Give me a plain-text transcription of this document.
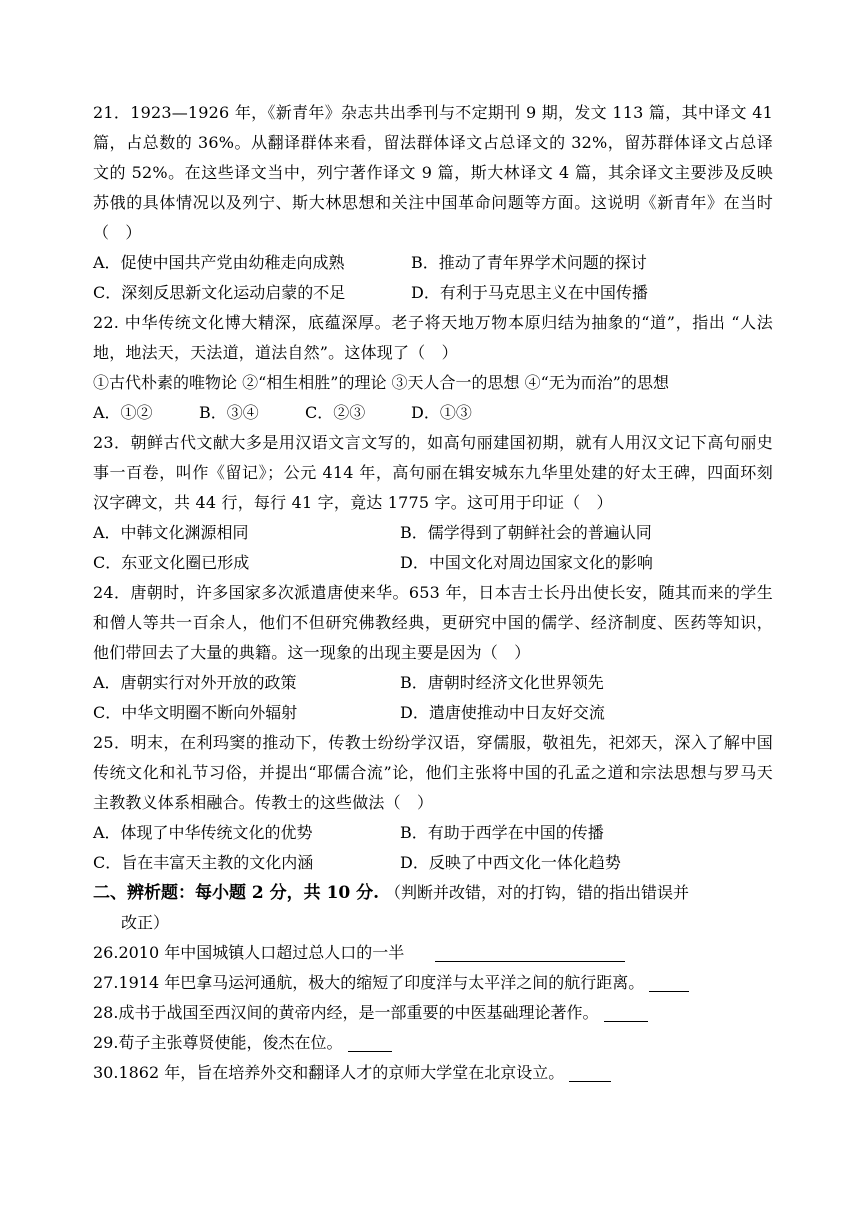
21．1923—1926 年，《新青年》杂志共出季刊与不定期刊 9 期，发文 113 篇，其中译文 41 篇，占总数的 36%。从翻译群体来看，留法群体译文占总译文的 32%，留苏群体译文占总译文的 52%。在这些译文当中，列宁著作译文 9 篇，斯大林译文 4 篇，其余译文主要涉及反映苏俄的具体情况以及列宁、斯大林思想和关注中国革命问题等方面。这说明《新青年》在当时（　）

A．促使中国共产党由幼稚走向成熟	B．推动了青年界学术问题的探讨
C．深刻反思新文化运动启蒙的不足	D．有利于马克思主义在中国传播

22. 中华传统文化博大精深，底蕴深厚。老子将天地万物本原归结为抽象的“道”，指出 “人法地，地法天，天法道，道法自然”。这体现了（　）

①古代朴素的唯物论 ②“相生相胜”的理论 ③天人合一的思想 ④“无为而治”的思想
A．①②	B．③④	C．②③	D．①③

23．朝鲜古代文献大多是用汉语文言文写的，如高句丽建国初期，就有人用汉文记下高句丽史事一百卷，叫作《留记》；公元 414 年，高句丽在辑安城东九华里处建的好太王碑，四面环刻汉字碑文，共 44 行，每行 41 字，竟达 1775 字。这可用于印证（　）

A．中韩文化渊源相同	B．儒学得到了朝鲜社会的普遍认同
C．东亚文化圈已形成	D．中国文化对周边国家文化的影响

24．唐朝时，许多国家多次派遣唐使来华。653 年，日本吉士长丹出使长安，随其而来的学生和僧人等共一百余人，他们不但研究佛教经典，更研究中国的儒学、经济制度、医药等知识，他们带回去了大量的典籍。这一现象的出现主要是因为（　）

A．唐朝实行对外开放的政策	B．唐朝时经济文化世界领先
C．中华文明圈不断向外辐射	D．遣唐使推动中日友好交流

25．明末，在利玛窦的推动下，传教士纷纷学汉语，穿儒服，敬祖先，祀郊天，深入了解中国传统文化和礼节习俗，并提出“耶儒合流”论，他们主张将中国的孔孟之道和宗法思想与罗马天主教教义体系相融合。传教士的这些做法（　）

A．体现了中华传统文化的优势	B．有助于西学在中国的传播
C．旨在丰富天主教的文化内涵	D．反映了中西文化一体化趋势

二、辨析题：每小题 2 分，共 10 分. （判断并改错，对的打钩，错的指出错误并

改正）

26.2010 年中国城镇人口超过总人口的一半
27.1914 年巴拿马运河通航，极大的缩短了印度洋与太平洋之间的航行距离。
28.成书于战国至西汉间的黄帝内经，是一部重要的中医基础理论著作。
29.荀子主张尊贤使能，俊杰在位。
30.1862 年，旨在培养外交和翻译人才的京师大学堂在北京设立。
